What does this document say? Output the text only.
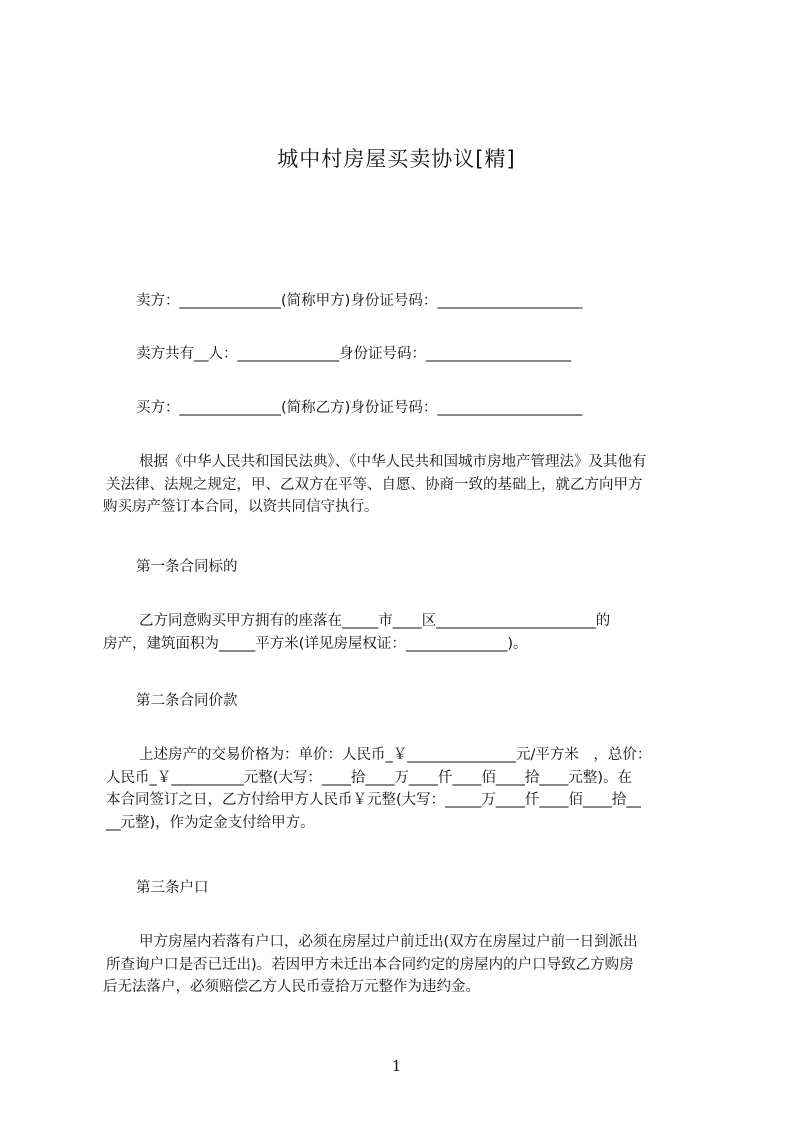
城中村房屋买卖协议[精]
卖方：______________(简称甲方)身份证号码：____________________
卖方共有__人：______________身份证号码：____________________
买方：______________(简称乙方)身份证号码：____________________
根据《中华人民共和国民法典》、《中华人民共和国城市房地产管理法》及其他有
关法律、法规之规定，甲、乙双方在平等、自愿、协商一致的基础上，就乙方向甲方
购买房产签订本合同，以资共同信守执行。
第一条合同标的
乙方同意购买甲方拥有的座落在_____市____区______________________的
房产，建筑面积为_____平方米(详见房屋权证：______________)。
第二条合同价款
上述房产的交易价格为：单价：人民币_￥_______________元/平方米　，总价：
人民币_￥__________元整(大写：____拾____万____仟____佰____拾____元整)。在
本合同签订之日，乙方付给甲方人民币￥元整(大写：_____万____仟____佰____拾__
__元整)，作为定金支付给甲方。
第三条户口
甲方房屋内若落有户口，必须在房屋过户前迁出(双方在房屋过户前一日到派出
所查询户口是否已迁出)。若因甲方未迁出本合同约定的房屋内的户口导致乙方购房
后无法落户，必须赔偿乙方人民币壹拾万元整作为违约金。
1
